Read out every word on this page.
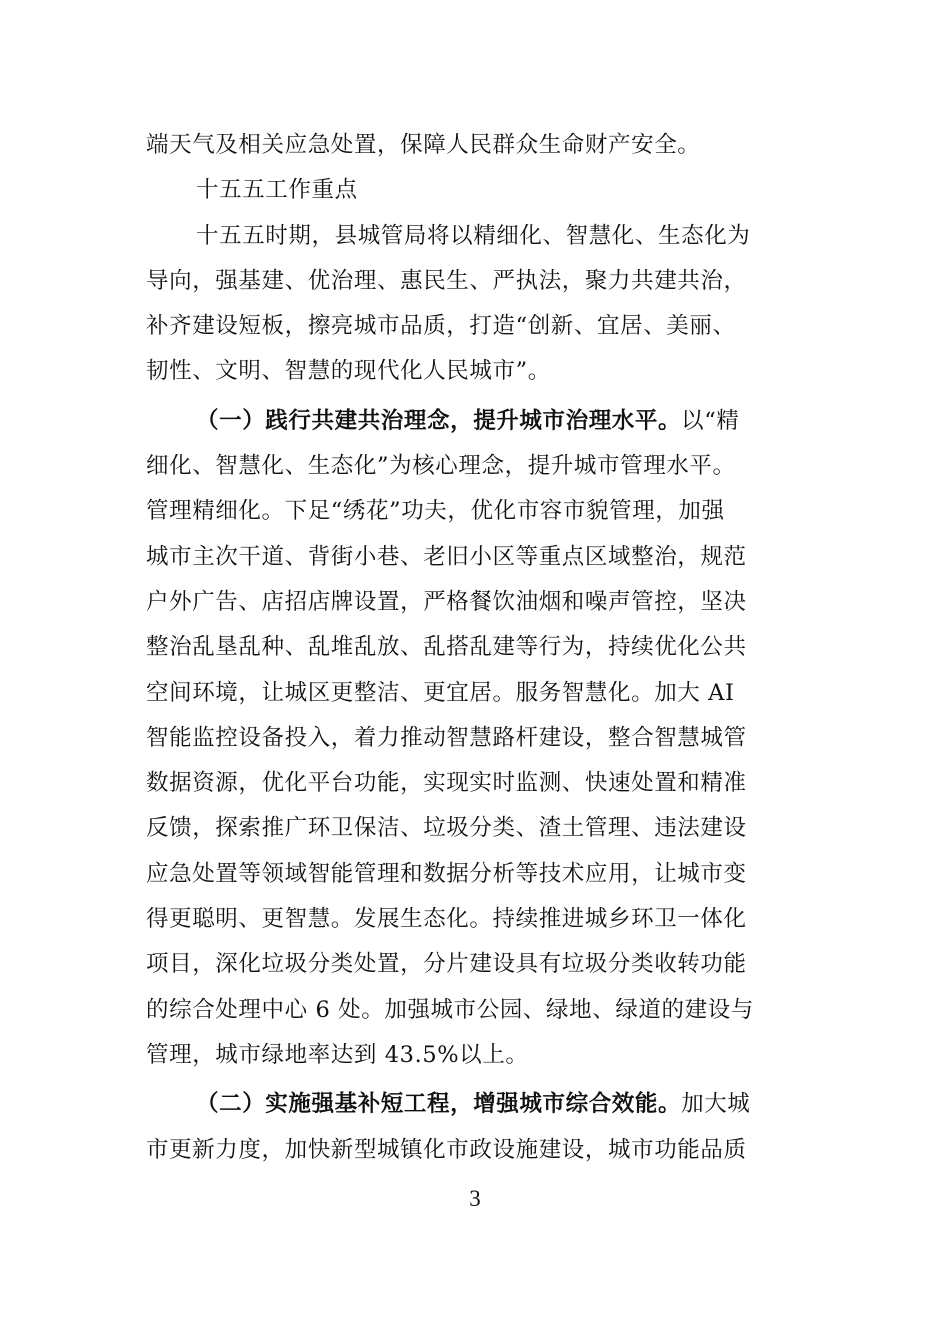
端天气及相关应急处置，保障人民群众生命财产安全。
十五五工作重点
十五五时期，县城管局将以精细化、智慧化、生态化为
导向，强基建、优治理、惠民生、严执法，聚力共建共治，
补齐建设短板，擦亮城市品质，打造“创新、宜居、美丽、
韧性、文明、智慧的现代化人民城市”。
（一）践行共建共治理念，提升城市治理水平。以“精
细化、智慧化、生态化”为核心理念，提升城市管理水平。
管理精细化。下足“绣花”功夫，优化市容市貌管理，加强
城市主次干道、背街小巷、老旧小区等重点区域整治，规范
户外广告、店招店牌设置，严格餐饮油烟和噪声管控，坚决
整治乱垦乱种、乱堆乱放、乱搭乱建等行为，持续优化公共
空间环境，让城区更整洁、更宜居。服务智慧化。加大 AI
智能监控设备投入，着力推动智慧路杆建设，整合智慧城管
数据资源，优化平台功能，实现实时监测、快速处置和精准
反馈，探索推广环卫保洁、垃圾分类、渣土管理、违法建设
应急处置等领域智能管理和数据分析等技术应用，让城市变
得更聪明、更智慧。发展生态化。持续推进城乡环卫一体化
项目，深化垃圾分类处置，分片建设具有垃圾分类收转功能
的综合处理中心 6 处。加强城市公园、绿地、绿道的建设与
管理，城市绿地率达到 43.5%以上。
（二）实施强基补短工程，增强城市综合效能。加大城
市更新力度，加快新型城镇化市政设施建设，城市功能品质
3
